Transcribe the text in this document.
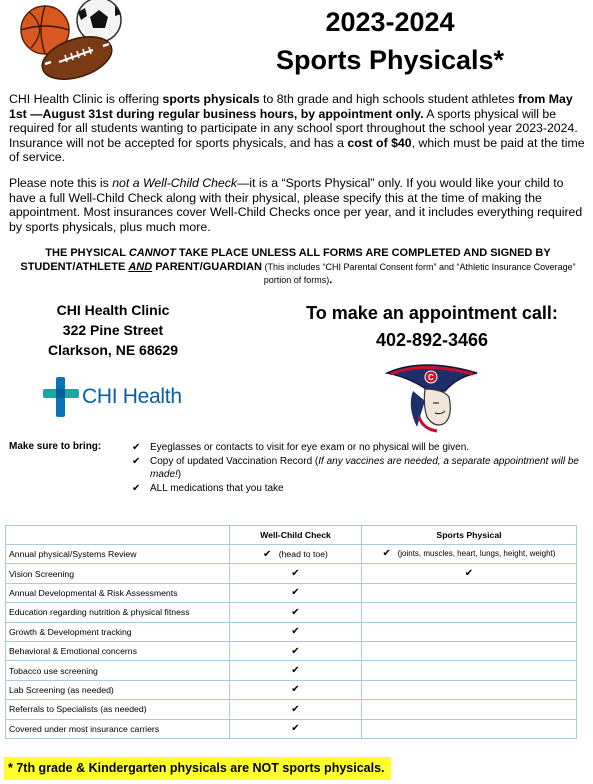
2023-2024
Sports Physicals*
CHI Health Clinic is offering sports physicals to 8th grade and high schools student athletes from May 1st —August 31st during regular business hours, by appointment only. A sports physical will be required for all students wanting to participate in any school sport throughout the school year 2023-2024. Insurance will not be accepted for sports physicals, and has a cost of $40, which must be paid at the time of service.
Please note this is not a Well-Child Check—it is a “Sports Physical” only. If you would like your child to have a full Well-Child Check along with their physical, please specify this at the time of making the appointment. Most insurances cover Well-Child Checks once per year, and it includes everything required by sports physicals, plus much more.
THE PHYSICAL CANNOT TAKE PLACE UNLESS ALL FORMS ARE COMPLETED AND SIGNED BY STUDENT/ATHLETE AND PARENT/GUARDIAN (This includes “CHI Parental Consent form” and “Athletic Insurance Coverage” portion of forms).
CHI Health Clinic
322 Pine Street
Clarkson, NE 68629
To make an appointment call:
402-892-3466
CHI Health
C
Make sure to bring:	✔ Eyeglasses or contacts to visit for eye exam or no physical will be given.
✔ Copy of updated Vaccination Record (If any vaccines are needed, a separate appointment will be made!)
✔ ALL medications that you take
	Well-Child Check	Sports Physical
Annual physical/Systems Review	✔ (head to toe)	✔ (joints, muscles, heart, lungs, height, weight)
Vision Screening	✔	✔
Annual Developmental & Risk Assessments	✔	
Education regarding nutrition & physical fitness	✔	
Growth & Development tracking	✔	
Behavioral & Emotional concerns	✔	
Tobacco use screening	✔	
Lab Screening (as needed)	✔	
Referrals to Specialists (as needed)	✔	
Covered under most insurance carriers	✔	
* 7th grade & Kindergarten physicals are NOT sports physicals.
